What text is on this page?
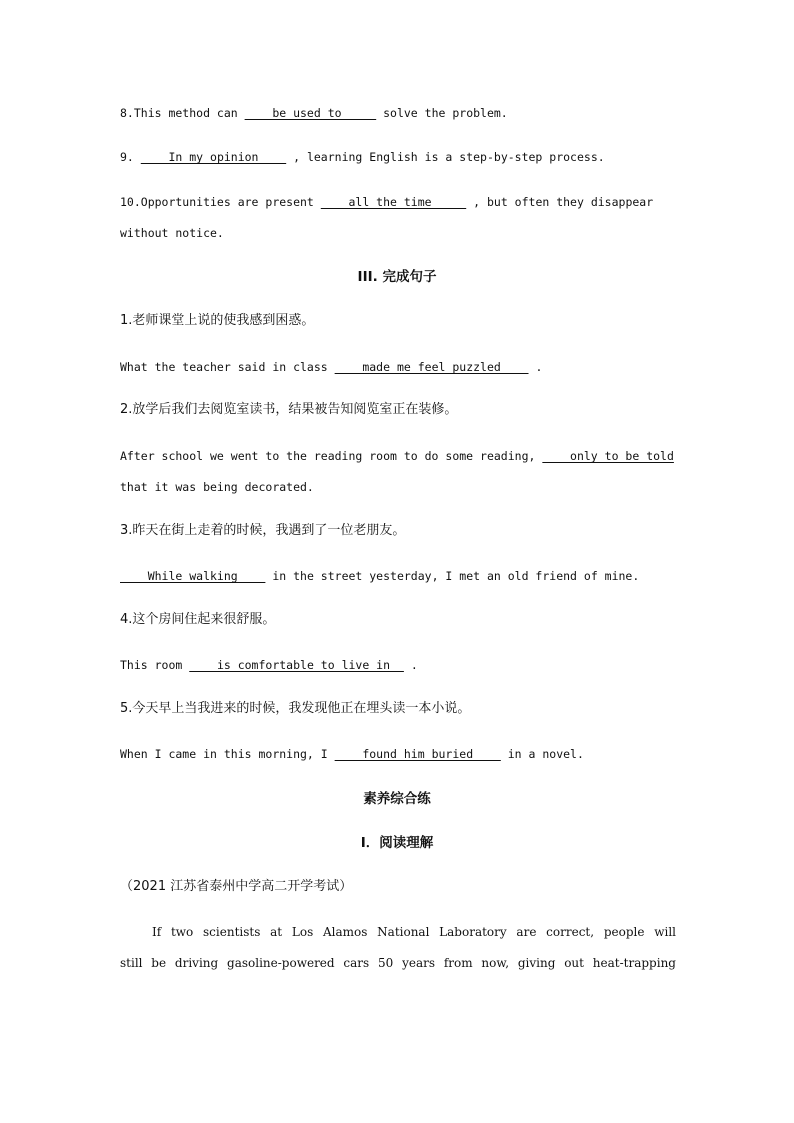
8.This method can     be used to      solve the problem.
9.     In my opinion     , learning English is a step-by-step process.
10.Opportunities are present     all the time      , but often they disappear
without notice.
III. 完成句子
1.老师课堂上说的使我感到困惑。
What the teacher said in class     made me feel puzzled     .
2.放学后我们去阅览室读书，结果被告知阅览室正在装修。
After school we went to the reading room to do some reading,     only to be told
that it was being decorated.
3.昨天在街上走着的时候，我遇到了一位老朋友。
While walking     in the street yesterday, I met an old friend of mine.
4.这个房间住起来很舒服。
This room     is comfortable to live in   .
5.今天早上当我进来的时候，我发现他正在埋头读一本小说。
When I came in this morning, I     found him buried     in a novel.
素养综合练
I．阅读理解
（2021 江苏省泰州中学高二开学考试）
If two scientists at Los Alamos National Laboratory are correct, people will
still be driving gasoline-powered cars 50 years from now, giving out heat-trapping
